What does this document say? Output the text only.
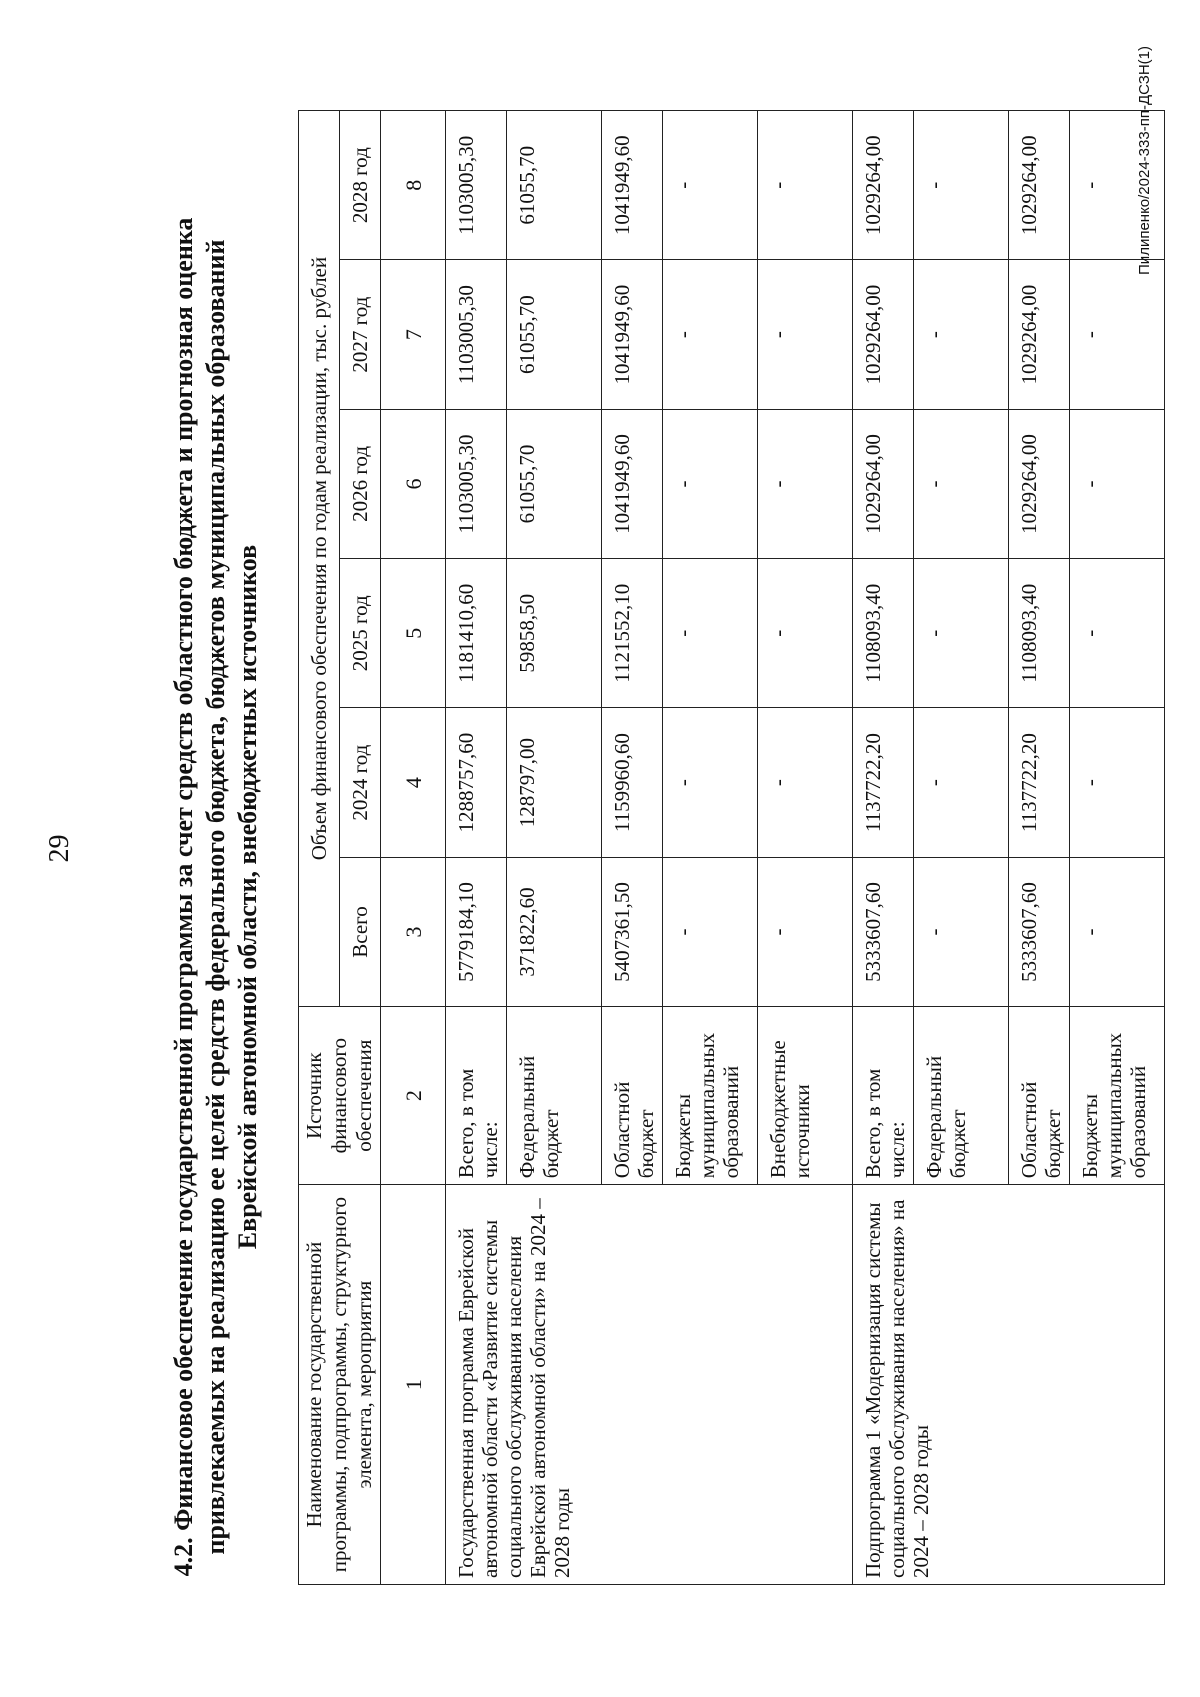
29	4.2. Финансовое обеспечение государственной программы за счет средств областного бюджета и прогнозная оценка привлекаемых на реализацию ее целей средств федерального бюджета, бюджетов муниципальных образований Еврейской автономной области, внебюджетных источников
Наименование государственной программы, подпрограммы, структурного элемента, мероприятия	Источник финансового обеспечения	Объем финансового обеспечения по годам реализации, тыс. рублей					
		Всего	2024 год	2025 год	2026 год	2027 год	2028 год
1	2	3	4	5	6	7	8
Государственная программа Еврейской автономной области «Развитие системы социального обслуживания населения Еврейской автономной области» на 2024 – 2028 годы	Всего, в том числе:	5779184,10	1288757,60	1181410,60	1103005,30	1103005,30	1103005,30
	Федеральный бюджет	371822,60	128797,00	59858,50	61055,70	61055,70	61055,70
	Областной бюджет	5407361,50	1159960,60	1121552,10	1041949,60	1041949,60	1041949,60
	Бюджеты муниципальных образований	-	-	-	-	-	-
	Внебюджетные источники	-	-	-	-	-	-
Подпрограмма 1 «Модернизация системы социального обслуживания населения» на 2024 – 2028 годы	Всего, в том числе:	5333607,60	1137722,20	1108093,40	1029264,00	1029264,00	1029264,00
	Федеральный бюджет	-	-	-	-	-	-
	Областной бюджет	5333607,60	1137722,20	1108093,40	1029264,00	1029264,00	1029264,00
	Бюджеты муниципальных образований	-	-	-	-	-	- Пилипенко/2024-333-пп-ДСЗН(1)
